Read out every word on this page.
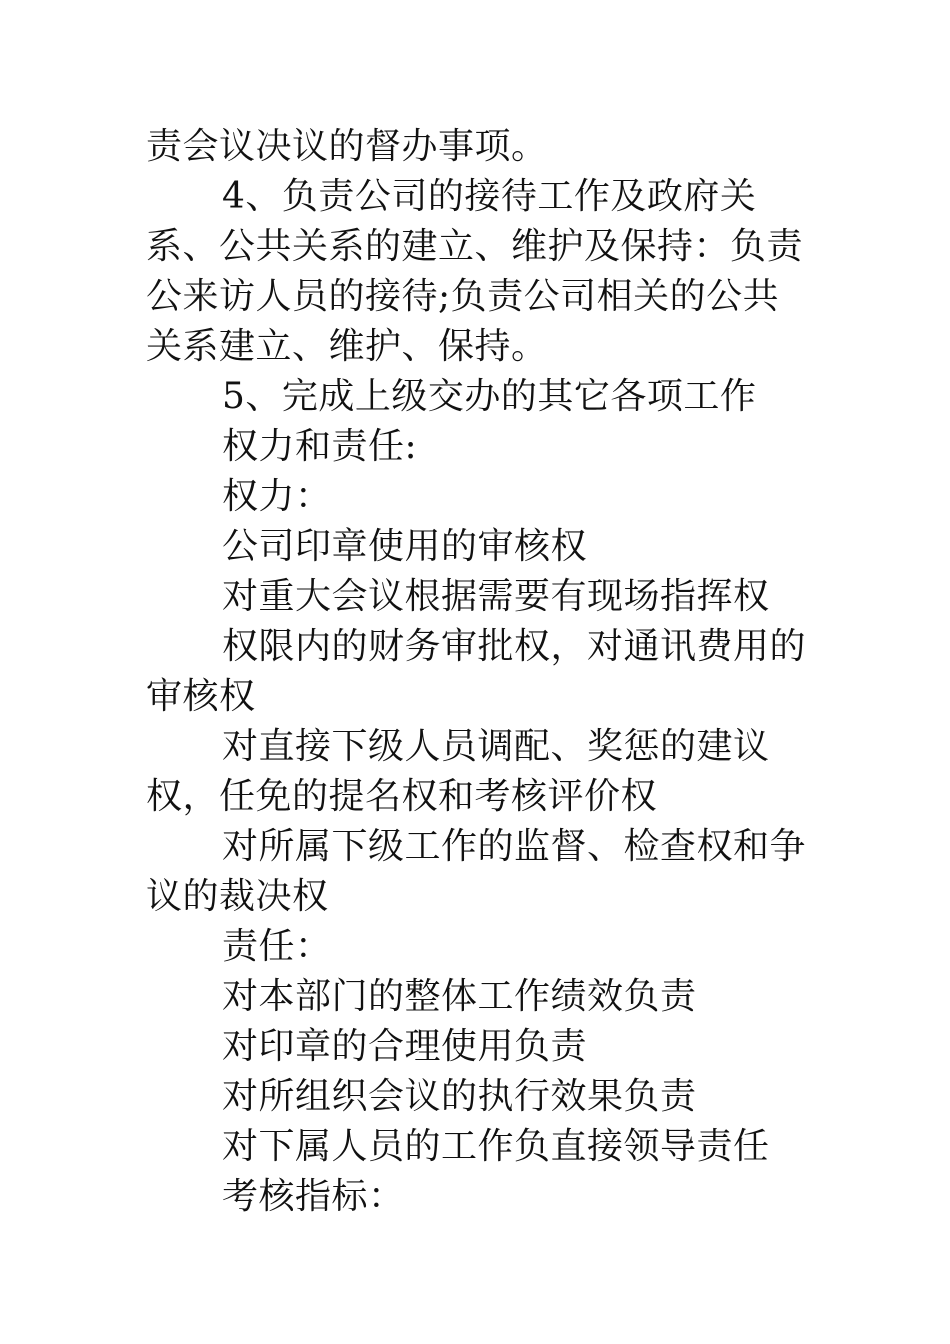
责会议决议的督办事项。

4、负责公司的接待工作及政府关系、公共关系的建立、维护及保持：负责公来访人员的接待;负责公司相关的公共关系建立、维护、保持。

5、完成上级交办的其它各项工作

权力和责任:

权力：

公司印章使用的审核权

对重大会议根据需要有现场指挥权

权限内的财务审批权，对通讯费用的审核权

对直接下级人员调配、奖惩的建议权，任免的提名权和考核评价权

对所属下级工作的监督、检查权和争议的裁决权

责任：

对本部门的整体工作绩效负责

对印章的合理使用负责

对所组织会议的执行效果负责

对下属人员的工作负直接领导责任

考核指标：
